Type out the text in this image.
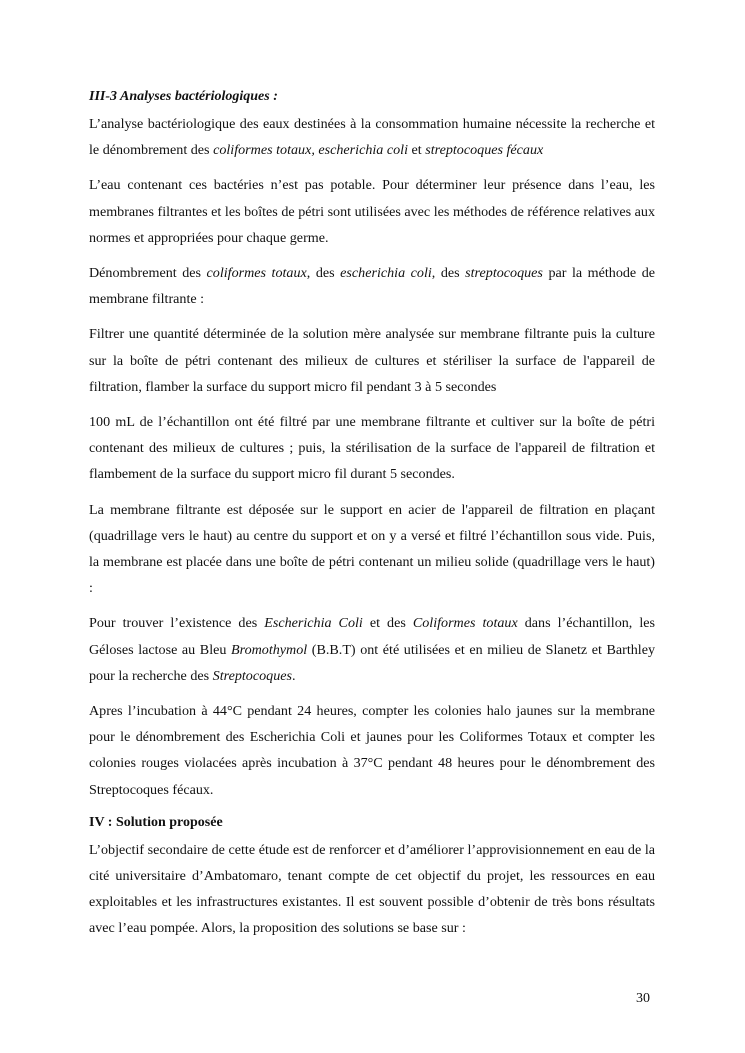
III-3 Analyses bactériologiques :

L’analyse bactériologique des eaux destinées à la consommation humaine nécessite la recherche et le dénombrement des coliformes totaux, escherichia coli et streptocoques fécaux

L’eau contenant ces bactéries n’est pas potable. Pour déterminer leur présence dans l’eau, les membranes filtrantes et les boîtes de pétri sont utilisées avec les méthodes de référence relatives aux normes et appropriées pour chaque germe.

Dénombrement des coliformes totaux, des escherichia coli, des streptocoques par la méthode de membrane filtrante :

Filtrer une quantité déterminée de la solution mère analysée sur membrane filtrante puis la culture sur la boîte de pétri contenant des milieux de cultures et stériliser la surface de l'appareil de filtration, flamber la surface du support micro fil pendant 3 à 5 secondes

100 mL de l’échantillon ont été filtré par une membrane filtrante et cultiver sur la boîte de pétri contenant des milieux de cultures ; puis, la stérilisation de la surface de l'appareil de filtration et flambement de la surface du support micro fil durant 5 secondes.

La membrane filtrante est déposée sur le support en acier de l'appareil de filtration en plaçant (quadrillage vers le haut) au centre du support et on y a versé et filtré l’échantillon sous vide. Puis, la membrane est placée dans une boîte de pétri contenant un milieu solide (quadrillage vers le haut) :

Pour trouver l’existence des Escherichia Coli et des Coliformes totaux dans l’échantillon, les Géloses lactose au Bleu Bromothymol (B.B.T) ont été utilisées et en milieu de Slanetz et Barthley pour la recherche des Streptocoques.

Apres l’incubation à 44°C pendant 24 heures, compter les colonies halo jaunes sur la membrane pour le dénombrement des Escherichia Coli et jaunes pour les Coliformes Totaux et compter les colonies rouges violacées après incubation à 37°C pendant 48 heures pour le dénombrement des Streptocoques fécaux.

IV : Solution proposée

L’objectif secondaire de cette étude est de renforcer et d’améliorer l’approvisionnement en eau de la cité universitaire d’Ambatomaro, tenant compte de cet objectif du projet, les ressources en eau exploitables et les infrastructures existantes. Il est souvent possible d’obtenir de très bons résultats avec l’eau pompée. Alors, la proposition des solutions se base sur :

30
